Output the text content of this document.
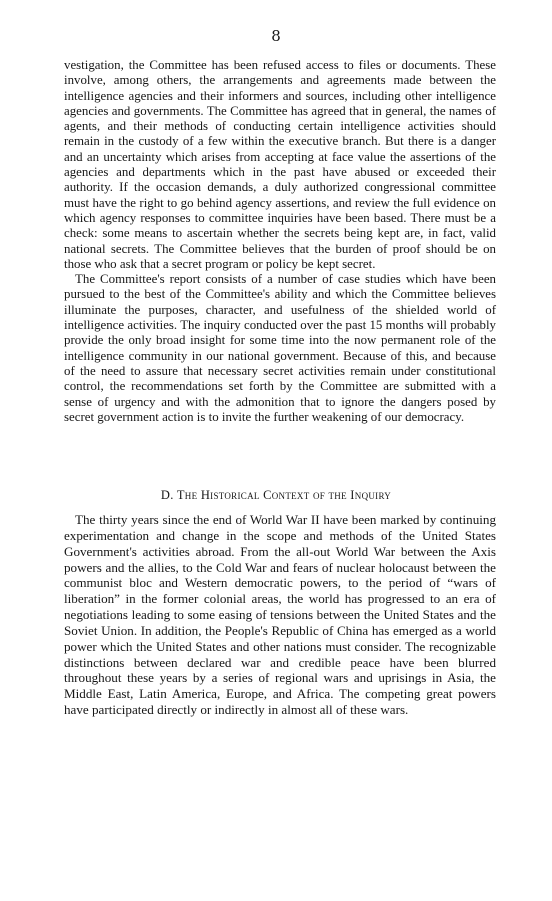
8

vestigation, the Committee has been refused access to files or documents. These involve, among others, the arrangements and agreements made between the intelligence agencies and their informers and sources, including other intelligence agencies and governments. The Committee has agreed that in general, the names of agents, and their methods of conducting certain intelligence activities should remain in the custody of a few within the executive branch. But there is a danger and an uncertainty which arises from accepting at face value the assertions of the agencies and departments which in the past have abused or exceeded their authority. If the occasion demands, a duly authorized congressional committee must have the right to go behind agency assertions, and review the full evidence on which agency responses to committee inquiries have been based. There must be a check: some means to ascertain whether the secrets being kept are, in fact, valid national secrets. The Committee believes that the burden of proof should be on those who ask that a secret program or policy be kept secret.

The Committee's report consists of a number of case studies which have been pursued to the best of the Committee's ability and which the Committee believes illuminate the purposes, character, and usefulness of the shielded world of intelligence activities. The inquiry conducted over the past 15 months will probably provide the only broad insight for some time into the now permanent role of the intelligence community in our national government. Because of this, and because of the need to assure that necessary secret activities remain under constitutional control, the recommendations set forth by the Committee are submitted with a sense of urgency and with the admonition that to ignore the dangers posed by secret government action is to invite the further weakening of our democracy.

D. The Historical Context of the Inquiry

The thirty years since the end of World War II have been marked by continuing experimentation and change in the scope and methods of the United States Government's activities abroad. From the all-out World War between the Axis powers and the allies, to the Cold War and fears of nuclear holocaust between the communist bloc and Western democratic powers, to the period of “wars of liberation” in the former colonial areas, the world has progressed to an era of negotiations leading to some easing of tensions between the United States and the Soviet Union. In addition, the People's Republic of China has emerged as a world power which the United States and other nations must consider. The recognizable distinctions between declared war and credible peace have been blurred throughout these years by a series of regional wars and uprisings in Asia, the Middle East, Latin America, Europe, and Africa. The competing great powers have participated directly or indirectly in almost all of these wars.
